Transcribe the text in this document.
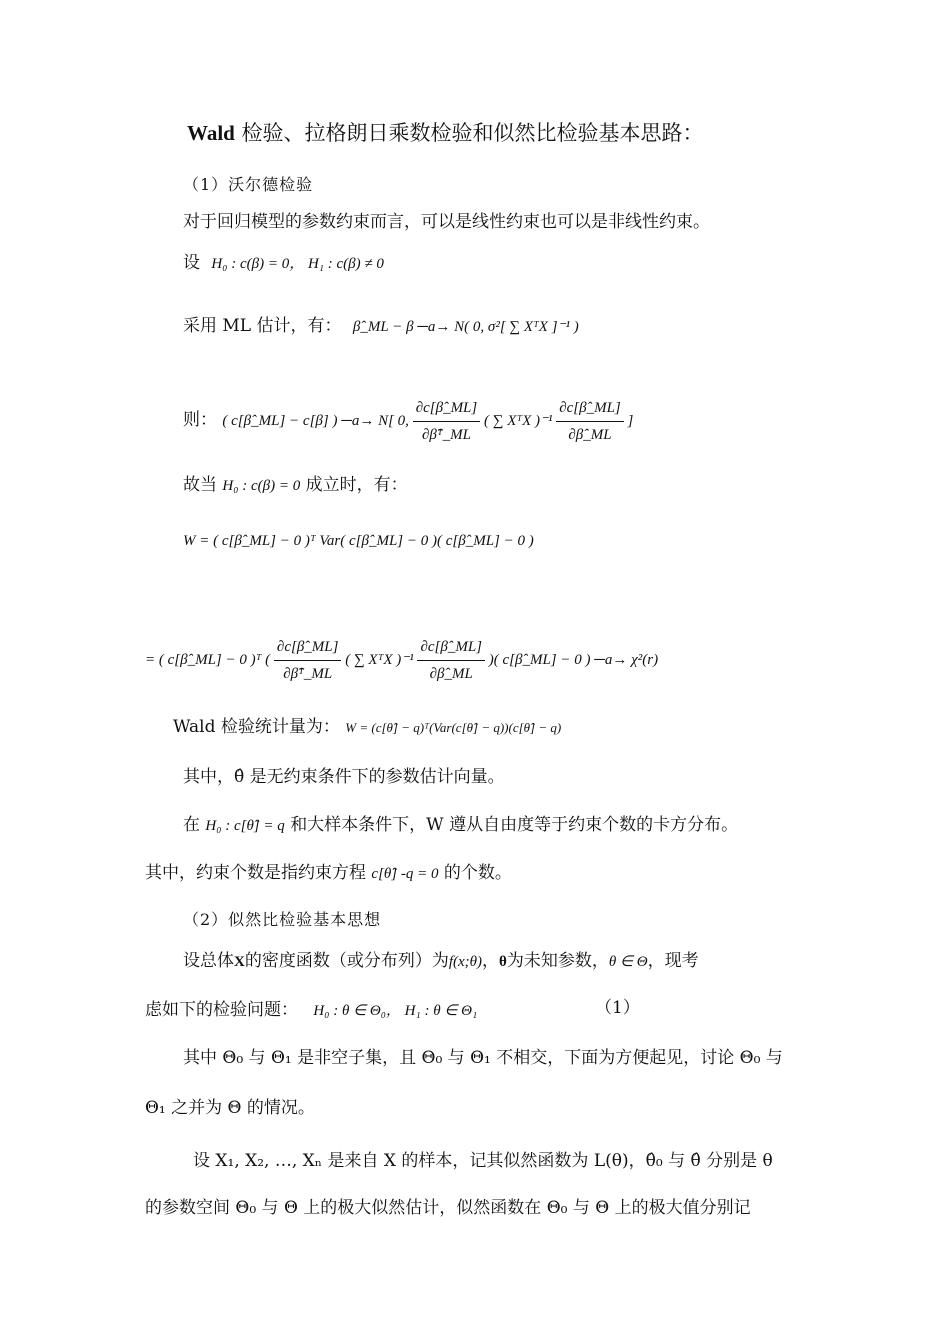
Wald 检验、拉格朗日乘数检验和似然比检验基本思路：
（1）沃尔德检验
对于回归模型的参数约束而言，可以是线性约束也可以是非线性约束。
设 H₀ : c(β) = 0， H₁ : c(β) ≠ 0
采用 ML 估计，有： β̂_ML − β ─a→ N( 0, σ²[ ∑ XᵀX ]⁻¹ )
则： ( c[β̂_ML] − c[β] ) ─a→ N[ 0, $\frac{\partial c[\betâ\_ML]}{\text{∂β̂ᵀ\_ML}}$ ( ∑ XᵀX )$^{-1} \frac{\partial c[\betâ\_ML]}{\partial\betâ\_ML}$ ]
故当 H₀ : c(β) = 0 成立时，有：
W = ( c[β̂_ML] − 0 )ᵀ Var( c[β̂_ML] − 0 )( c[β̂_ML] − 0 )
= ( c[β̂_ML] − 0 )ᵀ ( $\frac{\partial c[\betâ\_ML]}{\text{∂β̂ᵀ\_ML}}$ ( ∑ XᵀX )$^{-1} \frac{\partial c[\betâ\_ML]}{\partial\betâ\_ML}$ )( c[β̂_ML] − 0 ) ─a→ χ²(r)
Wald 检验统计量为： W = (c[θ̂] − q)ᵀ(Var(c[θ̂] − q))(c[θ̂] − q)
其中，θ̂ 是无约束条件下的参数估计向量。
在 H₀ : c[θ̂] = q 和大样本条件下，W 遵从自由度等于约束个数的卡方分布。
其中，约束个数是指约束方程 c[θ̂] -q = 0 的个数。
（2）似然比检验基本思想
设总体X的密度函数（或分布列）为f(x;θ)，θ为未知参数，θ ∈ Θ，现考
虑如下的检验问题： H₀ : θ ∈ Θ₀， H₁ : θ ∈ Θ₁	（1）
其中 Θ₀ 与 Θ₁ 是非空子集，且 Θ₀ 与 Θ₁ 不相交，下面为方便起见，讨论 Θ₀ 与
Θ₁ 之并为 Θ 的情况。
设 X₁, X₂, …, Xₙ 是来自 X 的样本，记其似然函数为 L(θ)，θ̂₀ 与 θ̂ 分别是 θ
的参数空间 Θ₀ 与 Θ 上的极大似然估计，似然函数在 Θ₀ 与 Θ 上的极大值分别记
